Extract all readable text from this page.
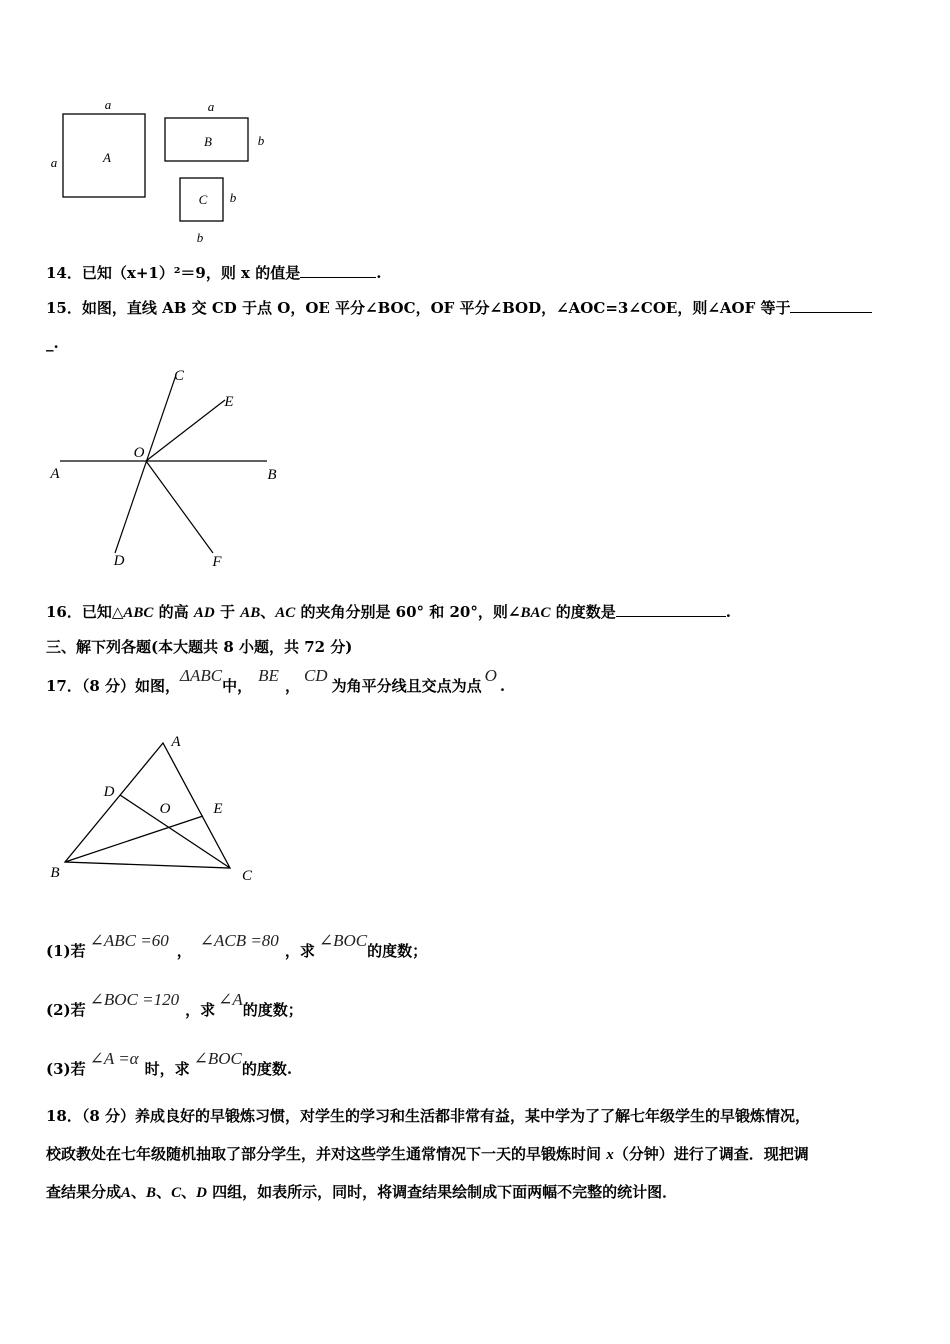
a
a	A
a
b
B
b
b
C
14．已知（x+1）²＝9，则 x 的值是	.
15．如图，直线 AB 交 CD 于点 O，OE 平分∠BOC，OF 平分∠BOD，∠AOC=3∠COE，则∠AOF 等于
_.
A	B
C
D
E
F
O
16．已知△ABC 的高 AD 于 AB、AC 的夹角分别是 60° 和 20°，则∠BAC 的度数是	.
三、解下列各题(本大题共 8 小题，共 72 分)
17．（8 分）如图，ΔABC中，BE，CD为角平分线且交点为点O.
A
B	C
D
E
O
(1)若∠ABC =60，∠ACB =80，求∠BOC的度数；
(2)若∠BOC =120，求∠A的度数；
(3)若∠A =α时，求∠BOC的度数.
18．（8 分）养成良好的早锻炼习惯，对学生的学习和生活都非常有益，某中学为了了解七年级学生的早锻炼情况，
校政教处在七年级随机抽取了部分学生，并对这些学生通常情况下一天的早锻炼时间 x（分钟）进行了调查．现把调
查结果分成A、B、C、D 四组，如表所示，同时，将调查结果绘制成下面两幅不完整的统计图．
